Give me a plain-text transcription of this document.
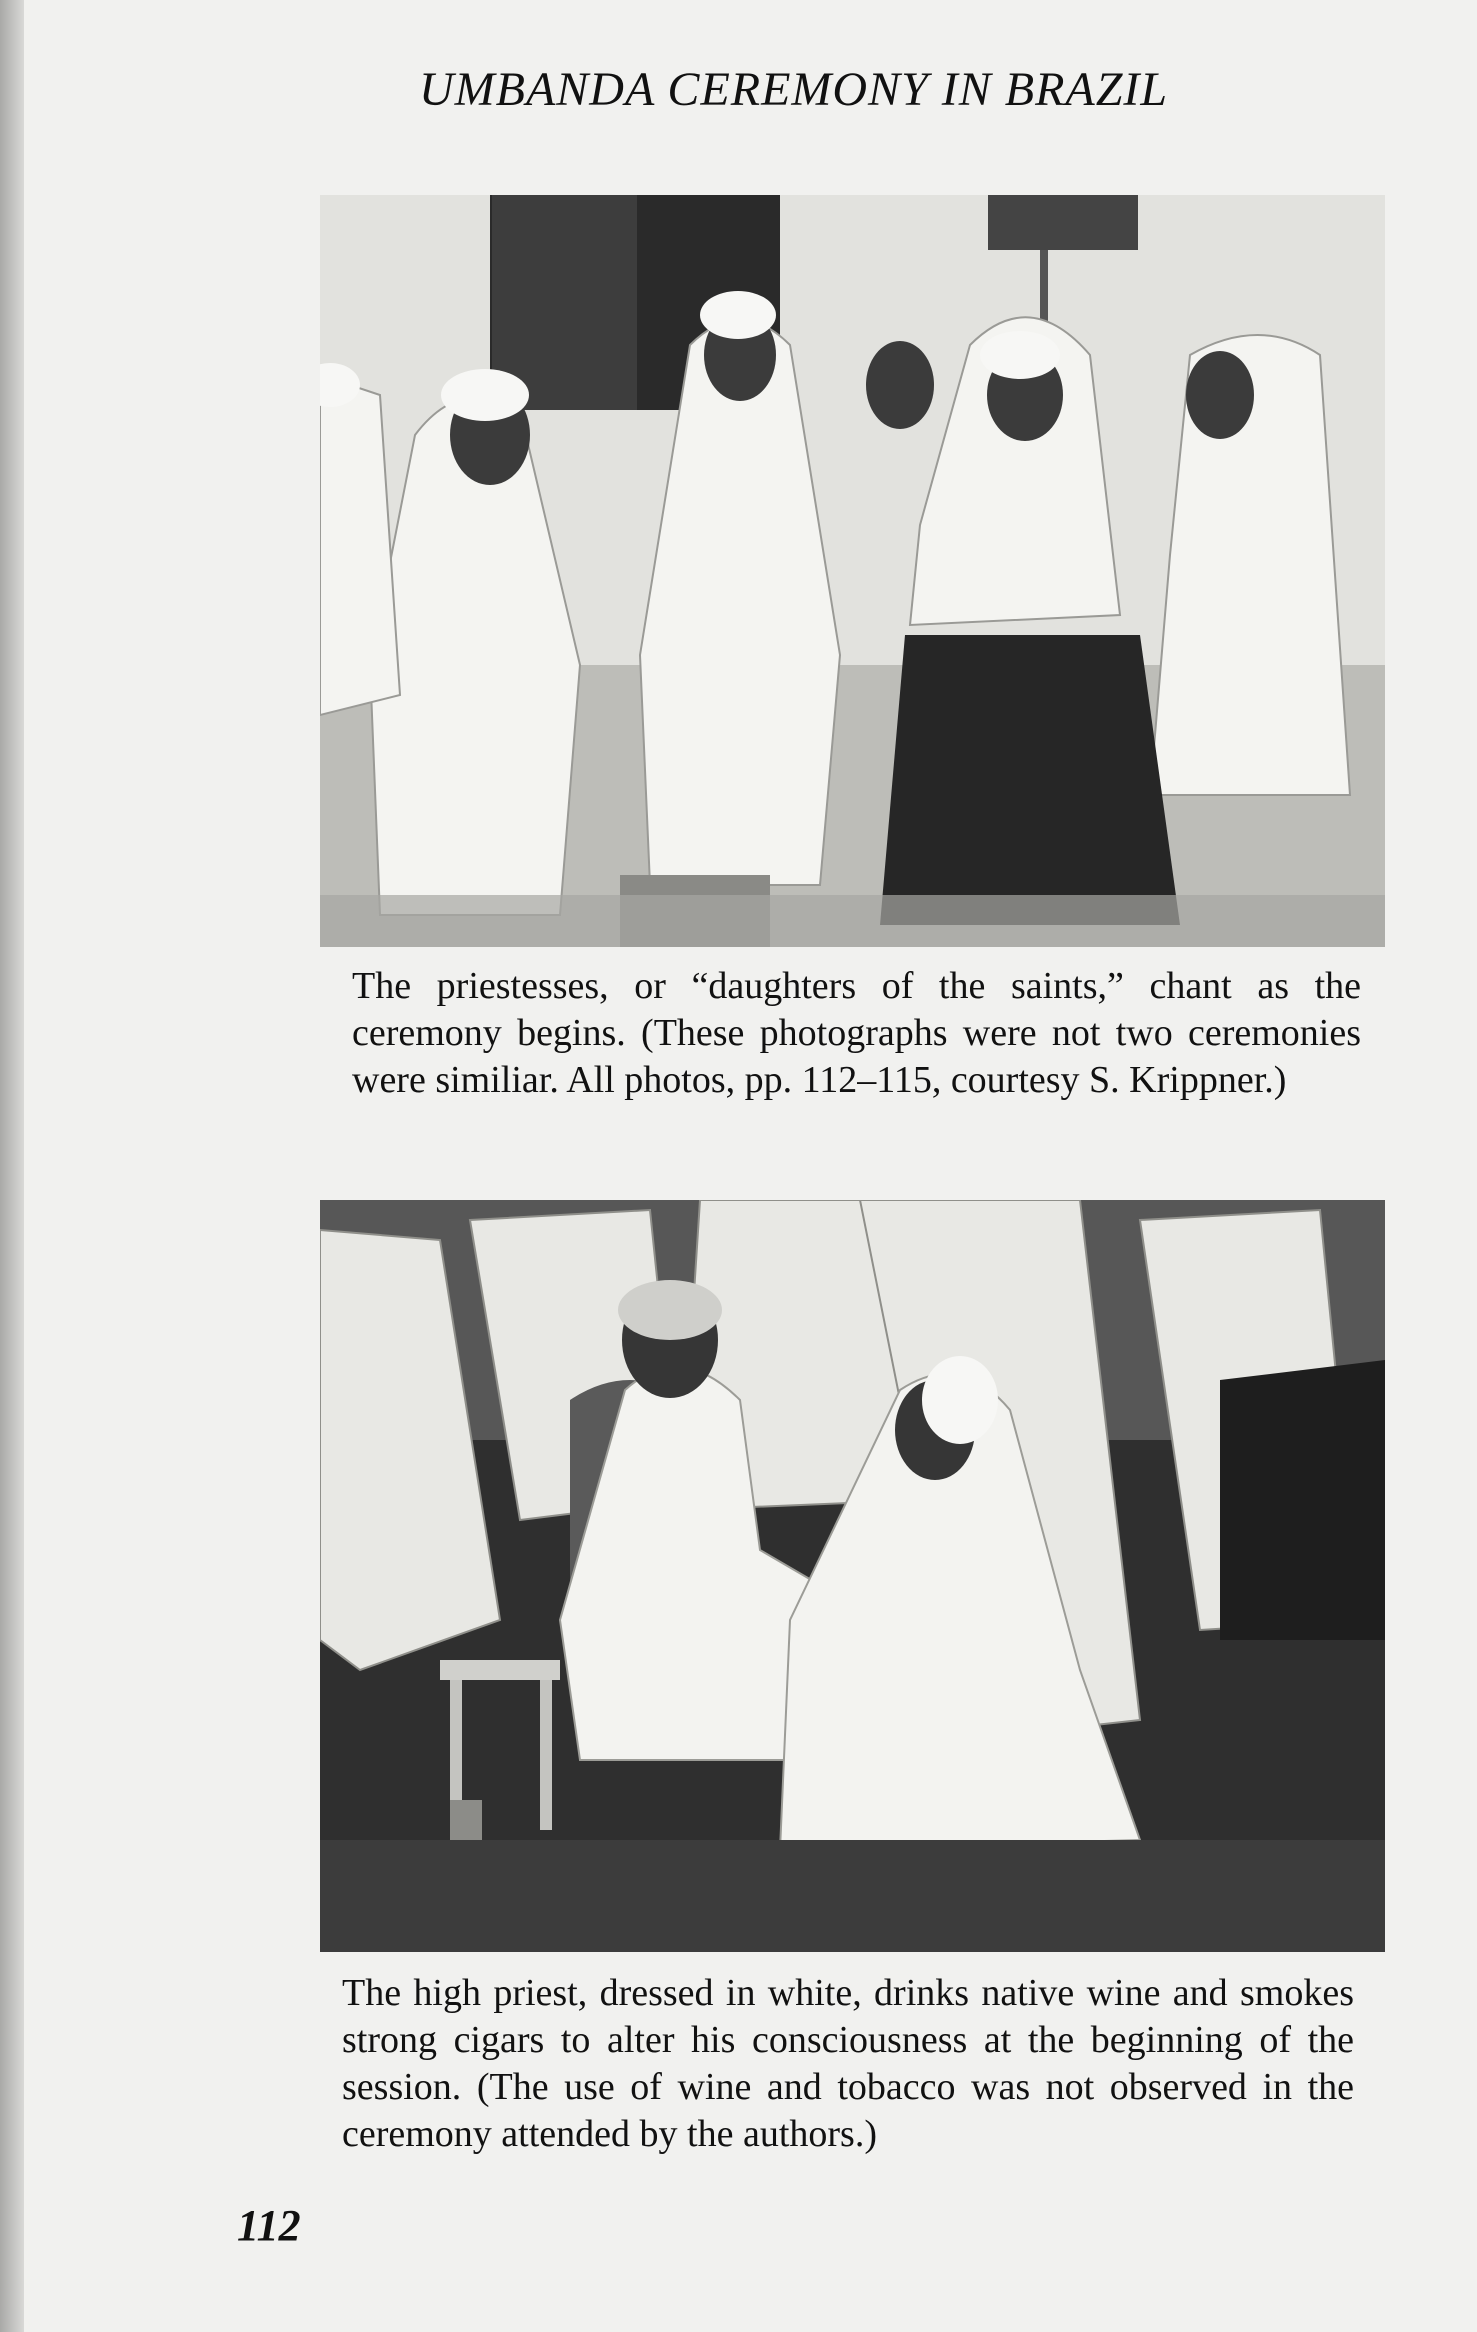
UMBANDA CEREMONY IN BRAZIL
The priestesses, or “daughters of the saints,” chant as the ceremony begins. (These photographs were not two ceremonies were similiar. All photos, pp. 112–115, courtesy S. Krippner.)
The high priest, dressed in white, drinks native wine and smokes strong cigars to alter his consciousness at the beginning of the session. (The use of wine and tobacco was not observed in the ceremony attended by the authors.)
112
